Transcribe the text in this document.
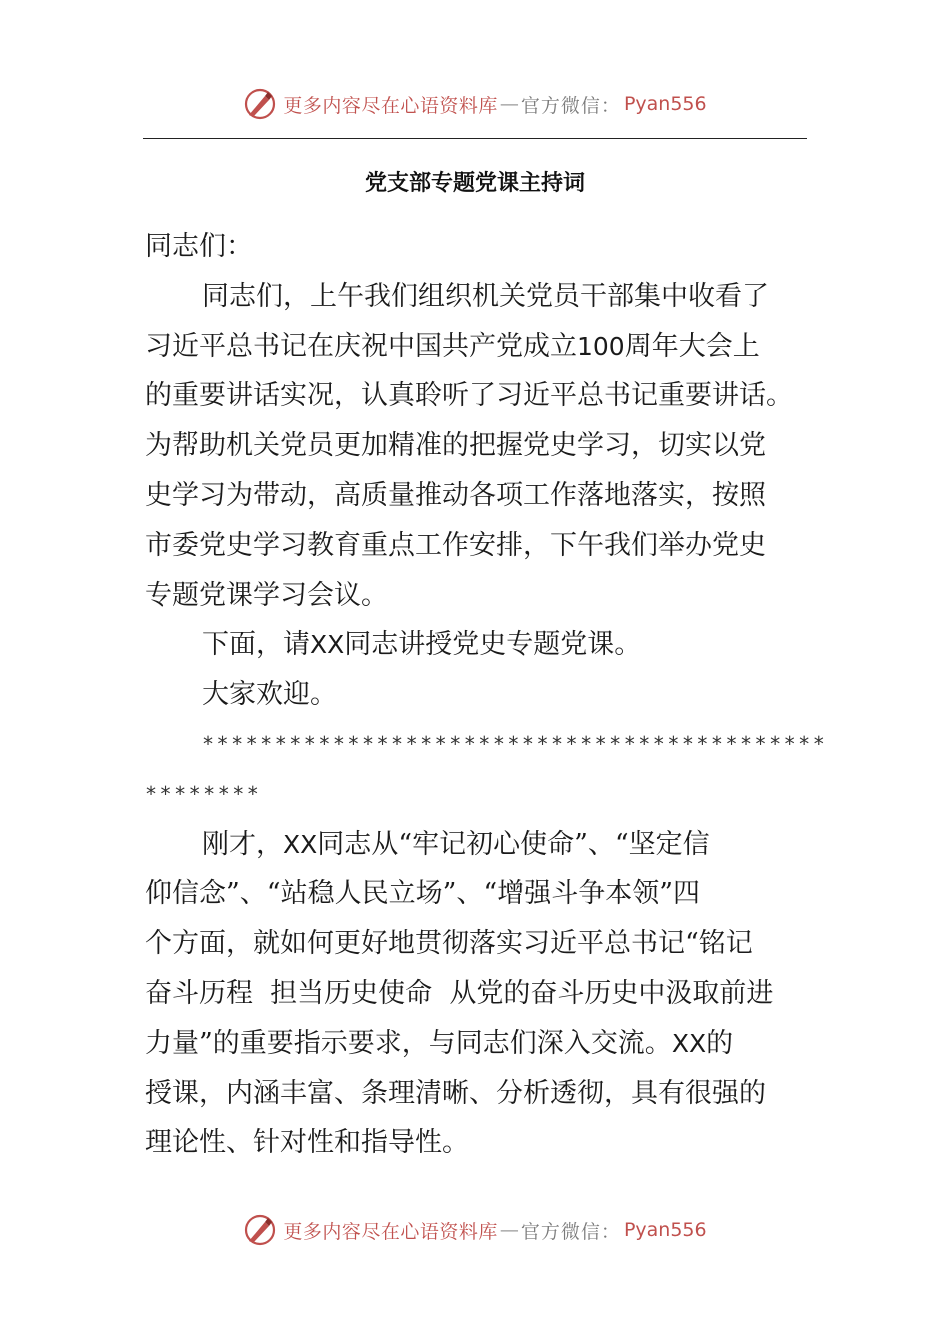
更多内容尽在心语资料库 — 官方微信 ： Pyan556
党支部专题党课主持词

同志们：

同志们，上午我们组织机关党员干部集中收看了

习近平总书记在庆祝中国共产党成立100周年大会上

的重要讲话实况，认真聆听了习近平总书记重要讲话。

为帮助机关党员更加精准的把握党史学习，切实以党

史学习为带动，高质量推动各项工作落地落实，按照

市委党史学习教育重点工作安排，下午我们举办党史

专题党课学习会议。

下面，请XX同志讲授党史专题党课。

大家欢迎。

*******************************************

********

刚才，XX同志从“牢记初心使命”、“坚定信

仰信念”、“站稳人民立场”、“增强斗争本领”四

个方面，就如何更好地贯彻落实习近平总书记“铭记

奋斗历程  担当历史使命  从党的奋斗历史中汲取前进

力量”的重要指示要求，与同志们深入交流。XX的

授课，内涵丰富、条理清晰、分析透彻，具有很强的

理论性、针对性和指导性。

更多内容尽在心语资料库 — 官方微信 ： Pyan556
